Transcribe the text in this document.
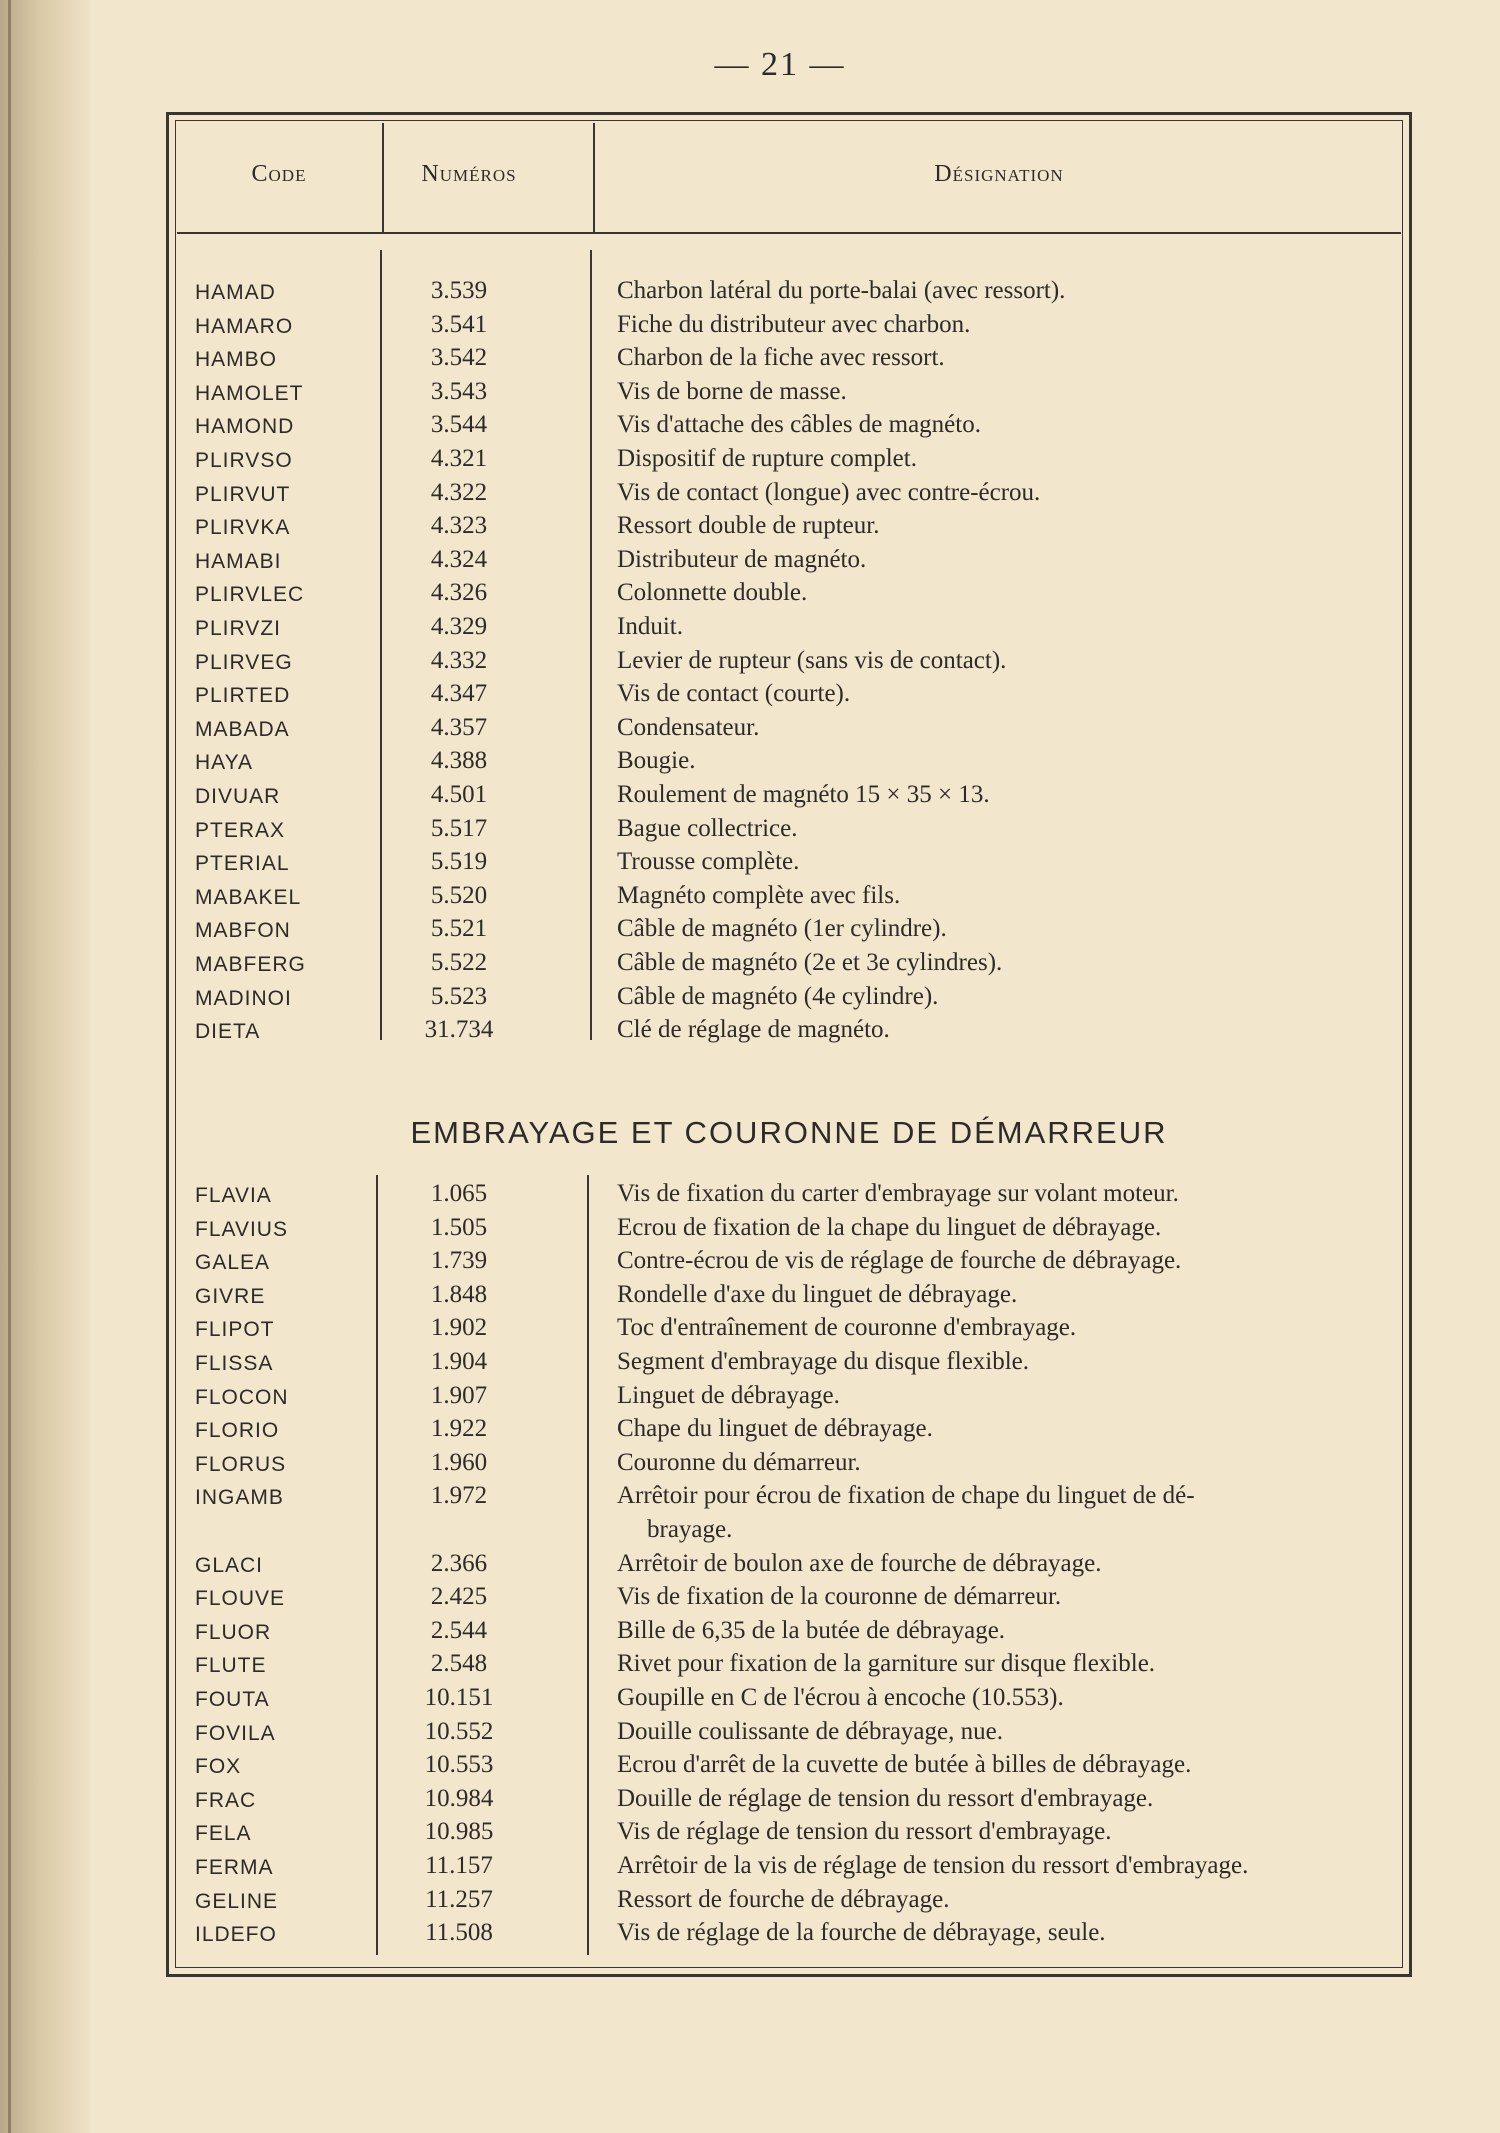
— 21 —
Code	Numéros	Désignation
EMBRAYAGE ET COURONNE DE DÉMARREUR
HAMAD	3.539	Charbon latéral du porte-balai (avec ressort).
HAMARO	3.541	Fiche du distributeur avec charbon.
HAMBO	3.542	Charbon de la fiche avec ressort.
HAMOLET	3.543	Vis de borne de masse.
HAMOND	3.544	Vis d'attache des câbles de magnéto.
PLIRVSO	4.321	Dispositif de rupture complet.
PLIRVUT	4.322	Vis de contact (longue) avec contre-écrou.
PLIRVKA	4.323	Ressort double de rupteur.
HAMABI	4.324	Distributeur de magnéto.
PLIRVLEC	4.326	Colonnette double.
PLIRVZI	4.329	Induit.
PLIRVEG	4.332	Levier de rupteur (sans vis de contact).
PLIRTED	4.347	Vis de contact (courte).
MABADA	4.357	Condensateur.
HAYA	4.388	Bougie.
DIVUAR	4.501	Roulement de magnéto 15 × 35 × 13.
PTERAX	5.517	Bague collectrice.
PTERIAL	5.519	Trousse complète.
MABAKEL	5.520	Magnéto complète avec fils.
MABFON	5.521	Câble de magnéto (1er cylindre).
MABFERG	5.522	Câble de magnéto (2e et 3e cylindres).
MADINOI	5.523	Câble de magnéto (4e cylindre).
DIETA	31.734	Clé de réglage de magnéto.
FLAVIA	1.065	Vis de fixation du carter d'embrayage sur volant moteur.
FLAVIUS	1.505	Ecrou de fixation de la chape du linguet de débrayage.
GALEA	1.739	Contre-écrou de vis de réglage de fourche de débrayage.
GIVRE	1.848	Rondelle d'axe du linguet de débrayage.
FLIPOT	1.902	Toc d'entraînement de couronne d'embrayage.
FLISSA	1.904	Segment d'embrayage du disque flexible.
FLOCON	1.907	Linguet de débrayage.
FLORIO	1.922	Chape du linguet de débrayage.
FLORUS	1.960	Couronne du démarreur.
INGAMB	1.972	Arrêtoir pour écrou de fixation de chape du linguet de dé-
brayage.
GLACI	2.366	Arrêtoir de boulon axe de fourche de débrayage.
FLOUVE	2.425	Vis de fixation de la couronne de démarreur.
FLUOR	2.544	Bille de 6,35 de la butée de débrayage.
FLUTE	2.548	Rivet pour fixation de la garniture sur disque flexible.
FOUTA	10.151	Goupille en C de l'écrou à encoche (10.553).
FOVILA	10.552	Douille coulissante de débrayage, nue.
FOX	10.553	Ecrou d'arrêt de la cuvette de butée à billes de débrayage.
FRAC	10.984	Douille de réglage de tension du ressort d'embrayage.
FELA	10.985	Vis de réglage de tension du ressort d'embrayage.
FERMA	11.157	Arrêtoir de la vis de réglage de tension du ressort d'embrayage.
GELINE	11.257	Ressort de fourche de débrayage.
ILDEFO	11.508	Vis de réglage de la fourche de débrayage, seule.
